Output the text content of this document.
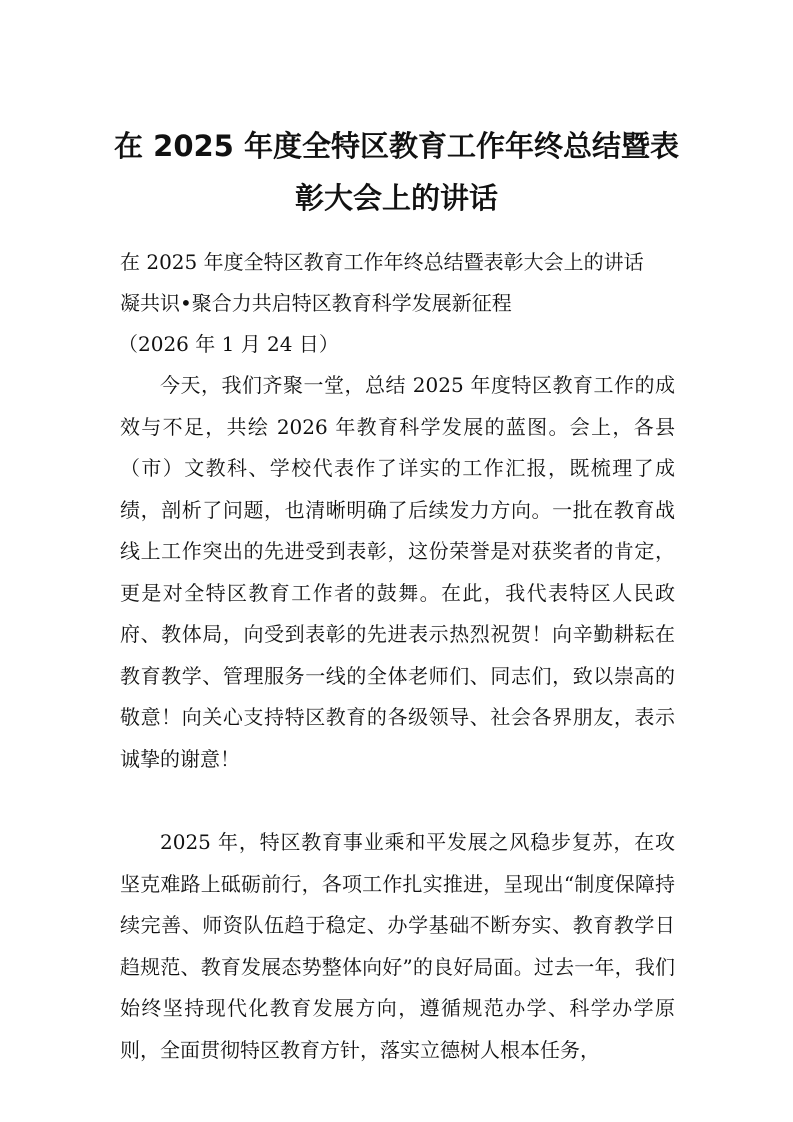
在 2025 年度全特区教育工作年终总结暨表彰大会上的讲话

在 2025 年度全特区教育工作年终总结暨表彰大会上的讲话

凝共识•聚合力共启特区教育科学发展新征程

（2026 年 1 月 24 日）

今天，我们齐聚一堂，总结 2025 年度特区教育工作的成效与不足，共绘 2026 年教育科学发展的蓝图。会上，各县（市）文教科、学校代表作了详实的工作汇报，既梳理了成绩，剖析了问题，也清晰明确了后续发力方向。一批在教育战线上工作突出的先进受到表彰，这份荣誉是对获奖者的肯定，更是对全特区教育工作者的鼓舞。在此，我代表特区人民政府、教体局，向受到表彰的先进表示热烈祝贺！向辛勤耕耘在教育教学、管理服务一线的全体老师们、同志们，致以崇高的敬意！向关心支持特区教育的各级领导、社会各界朋友，表示诚挚的谢意！

2025 年，特区教育事业乘和平发展之风稳步复苏，在攻坚克难路上砥砺前行，各项工作扎实推进，呈现出“制度保障持续完善、师资队伍趋于稳定、办学基础不断夯实、教育教学日趋规范、教育发展态势整体向好”的良好局面。过去一年，我们始终坚持现代化教育发展方向，遵循规范办学、科学办学原则，全面贯彻特区教育方针，落实立德树人根本任务，
